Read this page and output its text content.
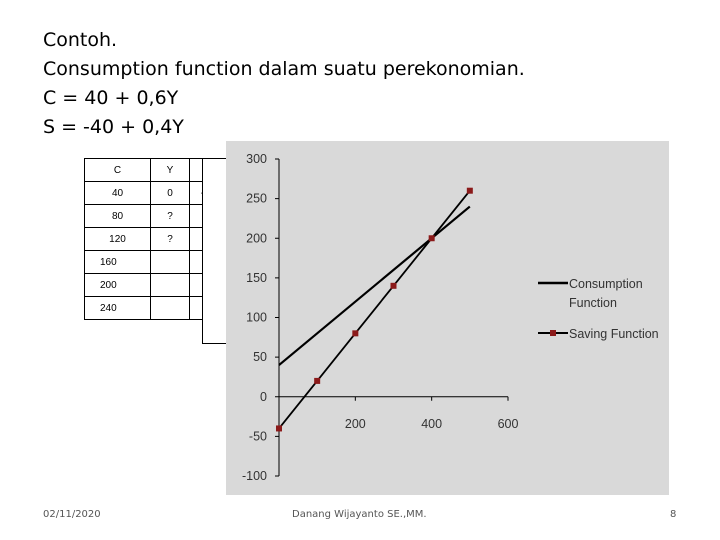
Contoh.
Consumption function dalam suatu perekonomian.
C = 40 + 0,6Y
S = -40 + 0,4Y
C	Y	
40	0	
80	?	
120	?	
160		
200		
240		
300
250
200
150
100
50
0
-50
-100
200	400	600
Consumption
Function
Saving Function
02/11/2020	Danang Wijayanto SE.,MM.	8
